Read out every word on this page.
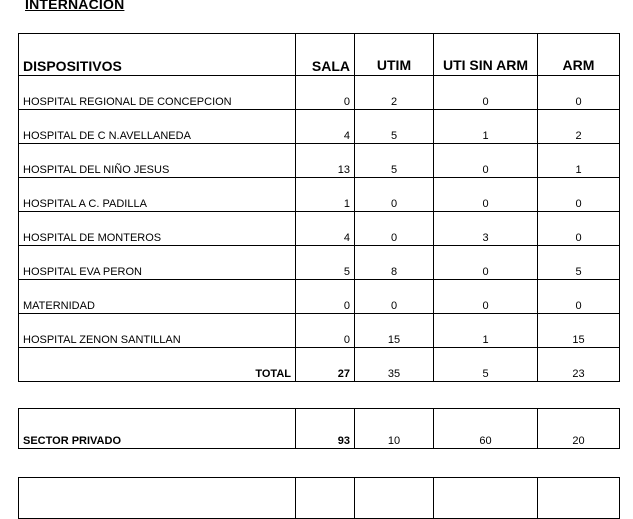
INTERNACION
DISPOSITIVOS	SALA	UTIM	UTI SIN ARM	ARM
HOSPITAL REGIONAL DE CONCEPCION	0	2	0	0
HOSPITAL DE C N.AVELLANEDA	4	5	1	2
HOSPITAL DEL NIÑO JESUS	13	5	0	1
HOSPITAL A C. PADILLA	1	0	0	0
HOSPITAL DE MONTEROS	4	0	3	0
HOSPITAL EVA PERON	5	8	0	5
MATERNIDAD	0	0	0	0
HOSPITAL ZENON SANTILLAN	0	15	1	15
TOTAL	27	35	5	23
SECTOR PRIVADO	93	10	60	20
